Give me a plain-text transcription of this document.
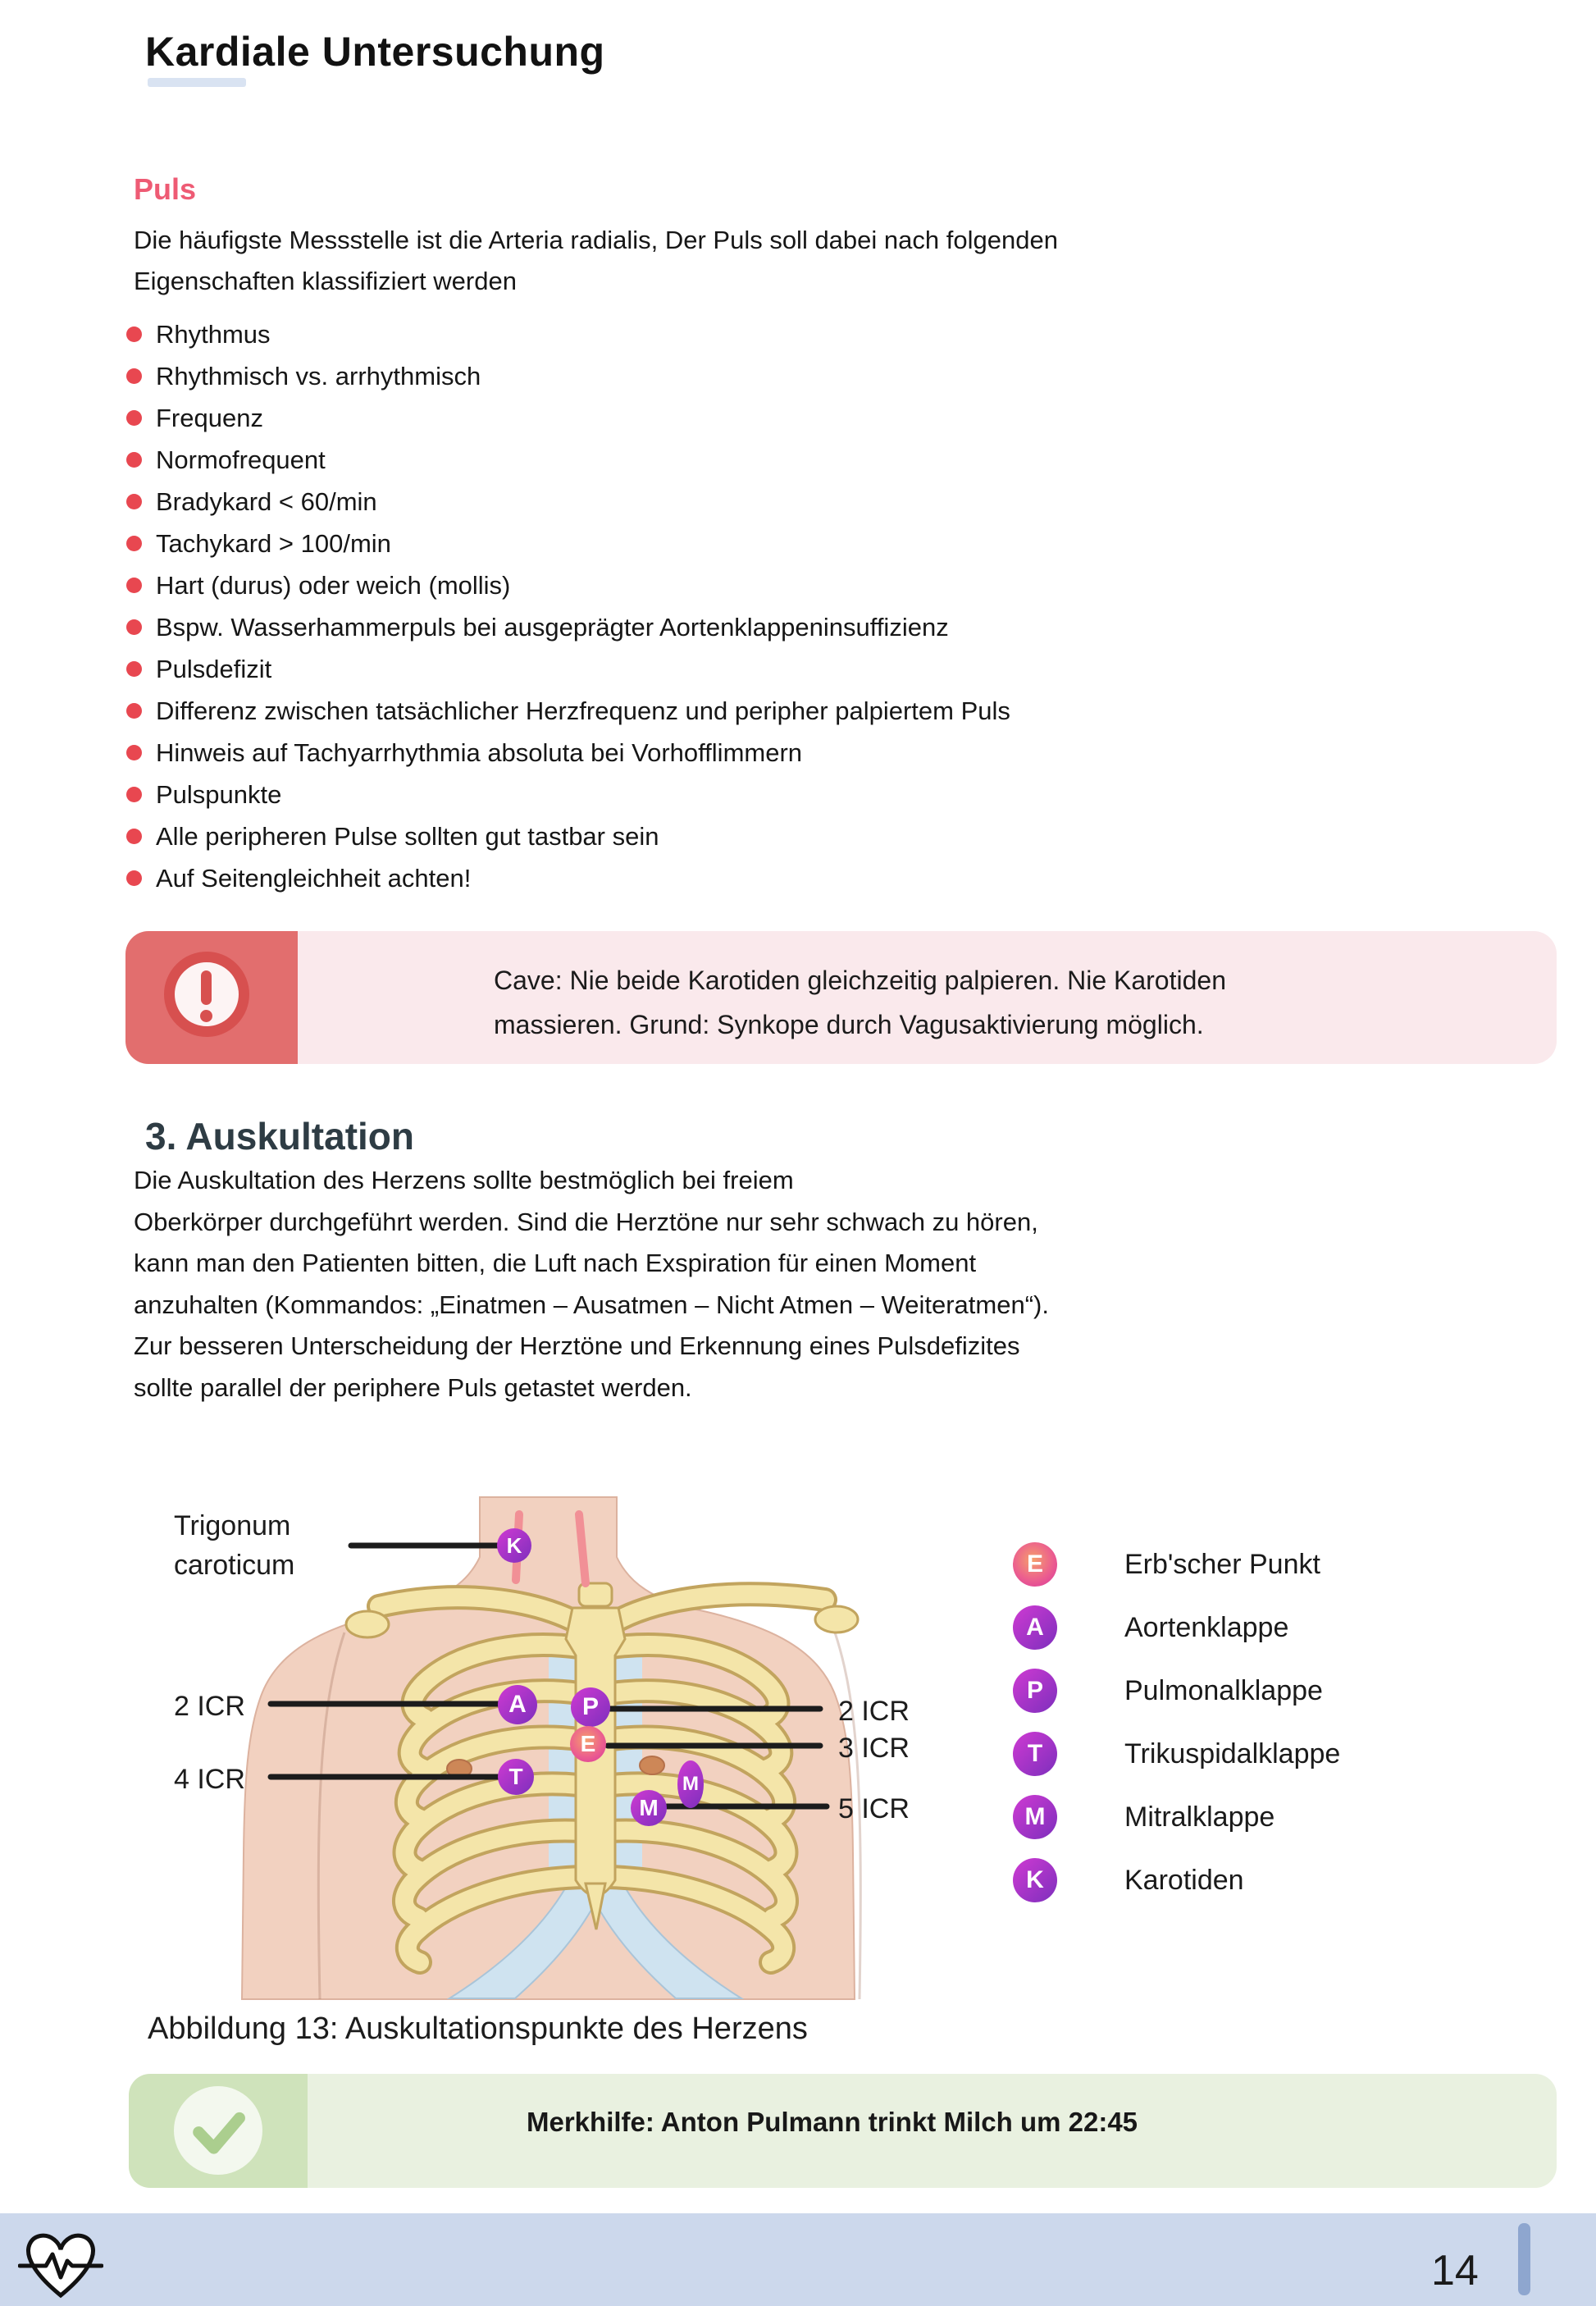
Kardiale Untersuchung
Puls
Die häufigste Messstelle ist die Arteria radialis, Der Puls soll dabei nach folgenden
Eigenschaften klassifiziert werden
Rhythmus
Rhythmisch vs. arrhythmisch
Frequenz
Normofrequent
Bradykard < 60/min
Tachykard > 100/min
Hart (durus) oder weich (mollis)
Bspw. Wasserhammerpuls bei ausgeprägter Aortenklappeninsuffizienz
Pulsdefizit
Differenz zwischen tatsächlicher Herzfrequenz und peripher palpiertem Puls
Hinweis auf Tachyarrhythmia absoluta bei Vorhofflimmern
Pulspunkte
Alle peripheren Pulse sollten gut tastbar sein
Auf Seitengleichheit achten!
Cave: Nie beide Karotiden gleichzeitig palpieren. Nie Karotiden
massieren. Grund: Synkope durch Vagusaktivierung möglich.
3. Auskultation
Die Auskultation des Herzens sollte bestmöglich bei freiem
Oberkörper durchgeführt werden. Sind die Herztöne nur sehr schwach zu hören,
kann man den Patienten bitten, die Luft nach Exspiration für einen Moment
anzuhalten (Kommandos: „Einatmen – Ausatmen – Nicht Atmen – Weiteratmen“).
Zur besseren Unterscheidung der Herztöne und Erkennung eines Pulsdefizites
sollte parallel der periphere Puls getastet werden.
Trigonum
caroticum
2 ICR
4 ICR
2 ICR
3 ICR
5 ICR
K
A	P
E
T	M
M
E	Erb'scher Punkt
A	Aortenklappe
P	Pulmonalklappe
T	Trikuspidalklappe
M	Mitralklappe
K	Karotiden
Abbildung 13: Auskultationspunkte des Herzens
Merkhilfe: Anton Pulmann trinkt Milch um 22:45
14
